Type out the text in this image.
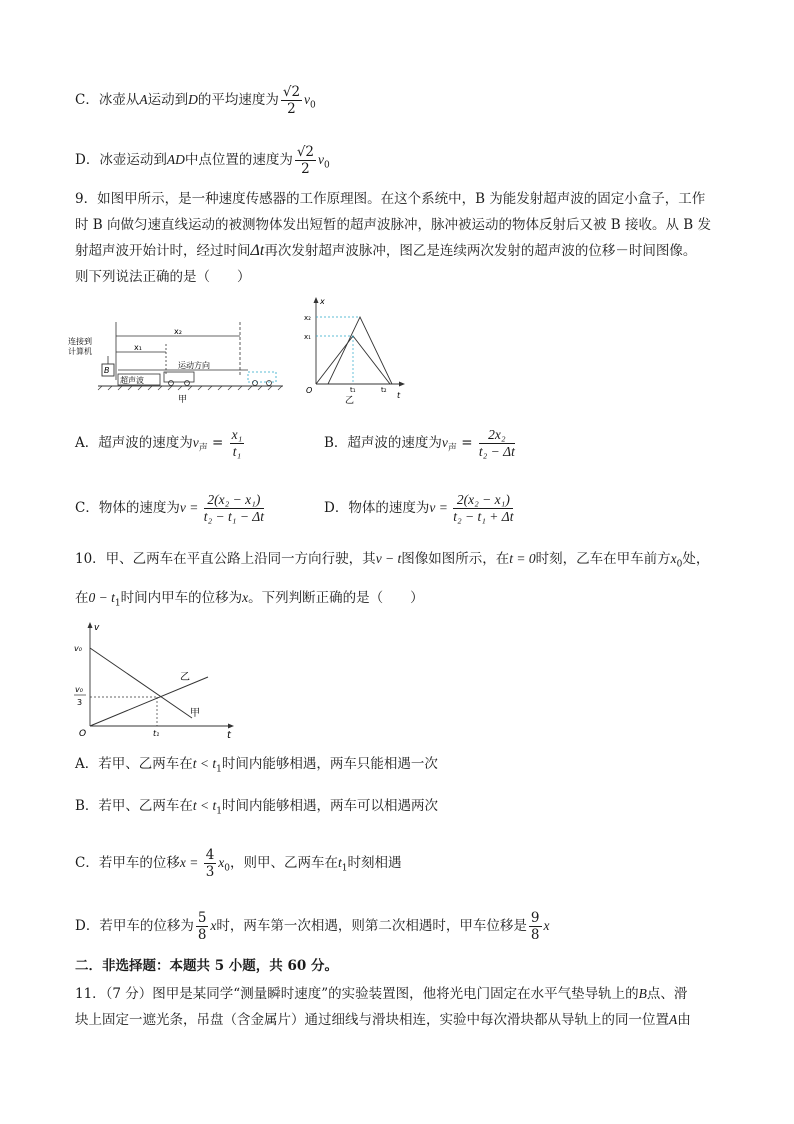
C．冰壶从A运动到D的平均速度为 $\frac{√2}{2} v_0$
D．冰壶运动到AD中点位置的速度为 $\frac{√2}{2} v_0$
9．如图甲所示，是一种速度传感器的工作原理图。在这个系统中，B 为能发射超声波的固定小盒子，工作
时 B 向做匀速直线运动的被测物体发出短暂的超声波脉冲，脉冲被运动的物体反射后又被 B 接收。从 B 发
射超声波开始计时，经过时间Δt再次发射超声波脉冲，图乙是连续两次发射的超声波的位移－时间图像。
则下列说法正确的是（　　）
x₂
x₁
连接到
计算机
B
运动方向
超声波
甲
x
t
O
x₂
x₁
t₁	t₂
乙
A．超声波的速度为$v_声 = \frac{\text{x₁}}{\text{t₁}}$	B．超声波的速度为$v_声 = \frac{\text{2x₂}}{\text{t₂ − Δt}}$
C．物体的速度为$v = \frac{\text{2(x₂ − x₁)}}{\text{t₂ − t₁ − Δt}}$	D．物体的速度为$v = \frac{\text{2(x₂ − x₁)}}{\text{t₂ − t₁ + Δt}}$
10．甲、乙两车在平直公路上沿同一方向行驶，其v − t图像如图所示，在t = 0时刻，乙车在甲车前方$x_0$处，
在$0 - t_1$时间内甲车的位移为x。下列判断正确的是（　　）
v
t
O
v₀
v₀
3
t₁
乙
甲
A．若甲、乙两车在$t < t_1$时间内能够相遇，两车只能相遇一次
B．若甲、乙两车在$t < t_1$时间内能够相遇，两车可以相遇两次
C．若甲车的位移$x = \frac{4}{3} x_0$，则甲、乙两车在$t_1$时刻相遇
D．若甲车的位移为 $\frac{5}{8}$ x时，两车第一次相遇，则第二次相遇时，甲车位移是 $\frac{9}{8}$ x
二．非选择题：本题共 5 小题，共 60 分。
11．（7 分）图甲是某同学“测量瞬时速度”的实验装置图，他将光电门固定在水平气垫导轨上的B点、滑
块上固定一遮光条，吊盘（含金属片）通过细线与滑块相连，实验中每次滑块都从导轨上的同一位置A由
